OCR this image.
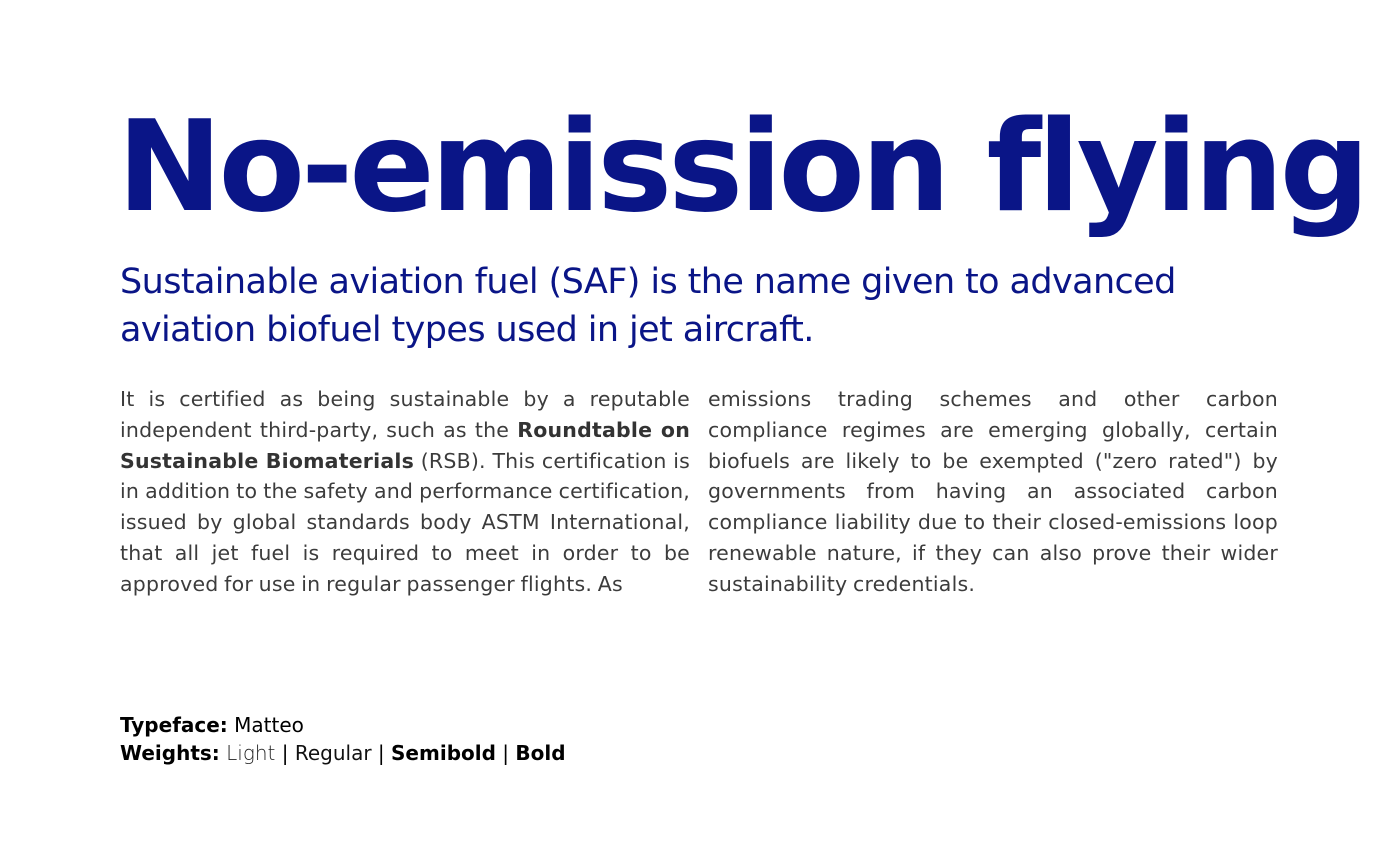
No-emission flying

Sustainable aviation fuel (SAF) is the name given to advanced aviation biofuel types used in jet aircraft.

It is certified as being sustainable by a reputable independent third-party, such as the Roundtable on Sustainable Biomaterials (RSB). This certification is in addition to the safety and performance certification, issued by global standards body ASTM International, that all jet fuel is required to meet in order to be approved for use in regular passenger flights. As

emissions trading schemes and other carbon compliance regimes are emerging globally, certain biofuels are likely to be exempted ("zero rated") by governments from having an associated carbon compliance liability due to their closed-emissions loop renewable nature, if they can also prove their wider sustainability credentials.

Typeface: Matteo
Weights: Light | Regular | Semibold | Bold
